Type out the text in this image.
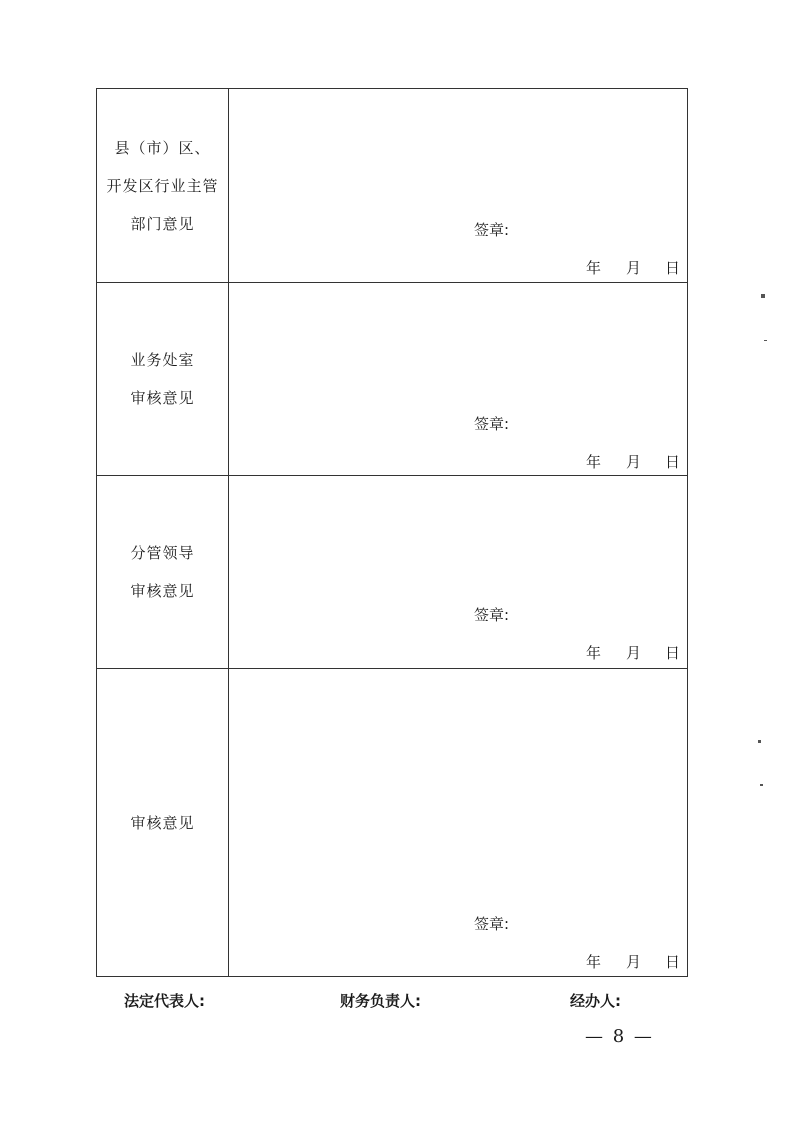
县（市）区、
开发区行业主管
部门意见	签章:
年 月 日

业务处室
审核意见	签章:
年 月 日

分管领导
审核意见	签章:
年 月 日

审核意见	签章:
年 月 日
法定代表人:	财务负责人:	经办人:
— 8 —
